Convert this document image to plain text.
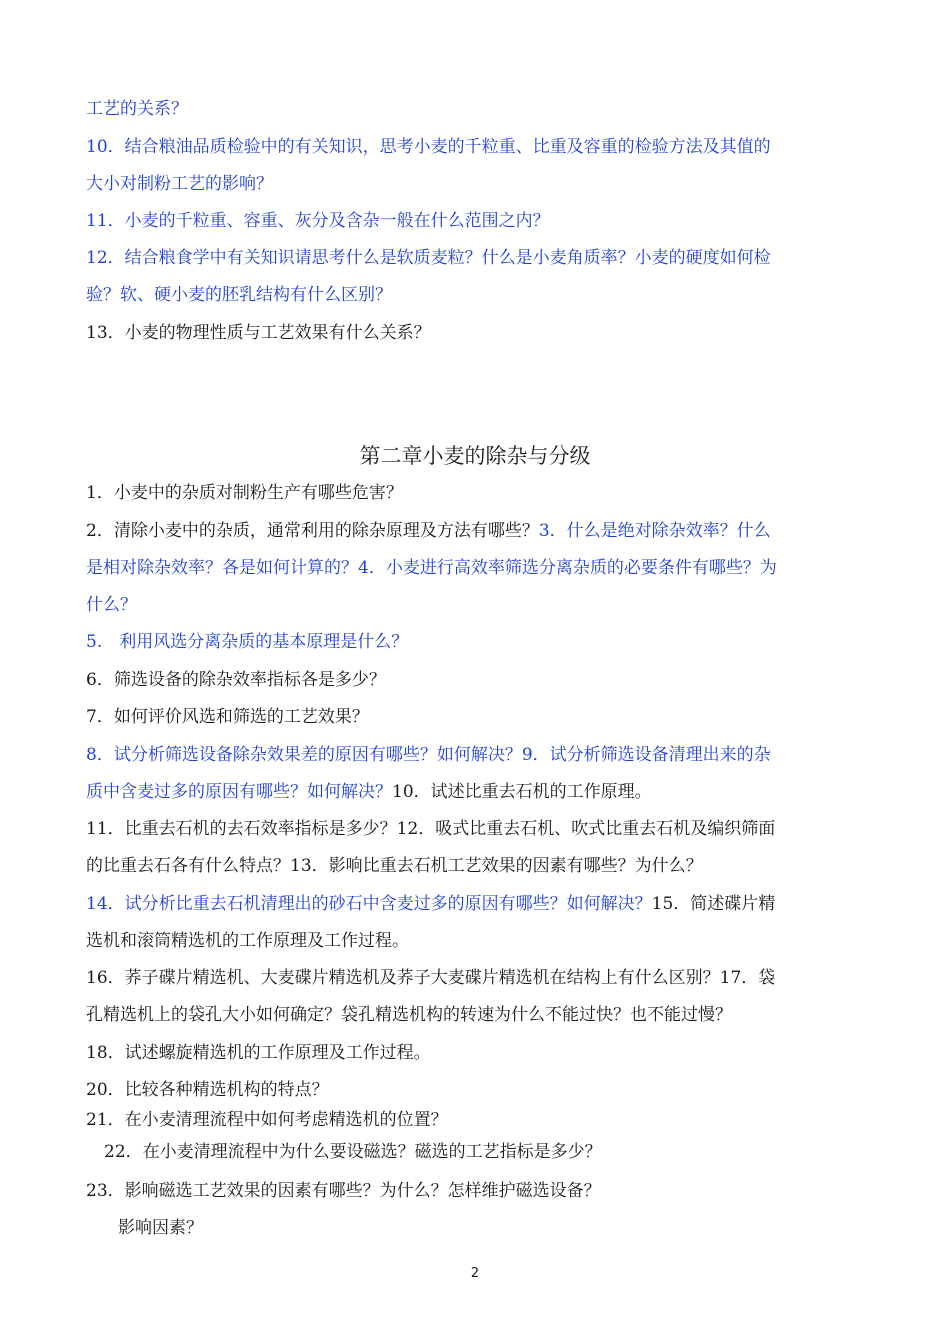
工艺的关系？
10．结合粮油品质检验中的有关知识，思考小麦的千粒重、比重及容重的检验方法及其值的
大小对制粉工艺的影响？
11．小麦的千粒重、容重、灰分及含杂一般在什么范围之内？
12．结合粮食学中有关知识请思考什么是软质麦粒？什么是小麦角质率？小麦的硬度如何检
验？软、硬小麦的胚乳结构有什么区别？
13．小麦的物理性质与工艺效果有什么关系？
第二章小麦的除杂与分级
1．小麦中的杂质对制粉生产有哪些危害？
2．清除小麦中的杂质，通常利用的除杂原理及方法有哪些？3．什么是绝对除杂效率？什么
是相对除杂效率？各是如何计算的？4．小麦进行高效率筛选分离杂质的必要条件有哪些？为
什么？
5.　利用风选分离杂质的基本原理是什么？
6．筛选设备的除杂效率指标各是多少？
7．如何评价风选和筛选的工艺效果？
8．试分析筛选设备除杂效果差的原因有哪些？如何解决？9．试分析筛选设备清理出来的杂
质中含麦过多的原因有哪些？如何解决？10．试述比重去石机的工作原理。
11．比重去石机的去石效率指标是多少？12．吸式比重去石机、吹式比重去石机及编织筛面
的比重去石各有什么特点？13．影响比重去石机工艺效果的因素有哪些？为什么？
14．试分析比重去石机清理出的砂石中含麦过多的原因有哪些？如何解决？15．简述碟片精
选机和滚筒精选机的工作原理及工作过程。
16．荞子碟片精选机、大麦碟片精选机及荞子大麦碟片精选机在结构上有什么区别？17．袋
孔精选机上的袋孔大小如何确定？袋孔精选机构的转速为什么不能过快？也不能过慢？
18．试述螺旋精选机的工作原理及工作过程。
20．比较各种精选机构的特点？
21．在小麦清理流程中如何考虑精选机的位置？
22．在小麦清理流程中为什么要设磁选？磁选的工艺指标是多少？
23．影响磁选工艺效果的因素有哪些？为什么？怎样维护磁选设备？
影响因素？
2
